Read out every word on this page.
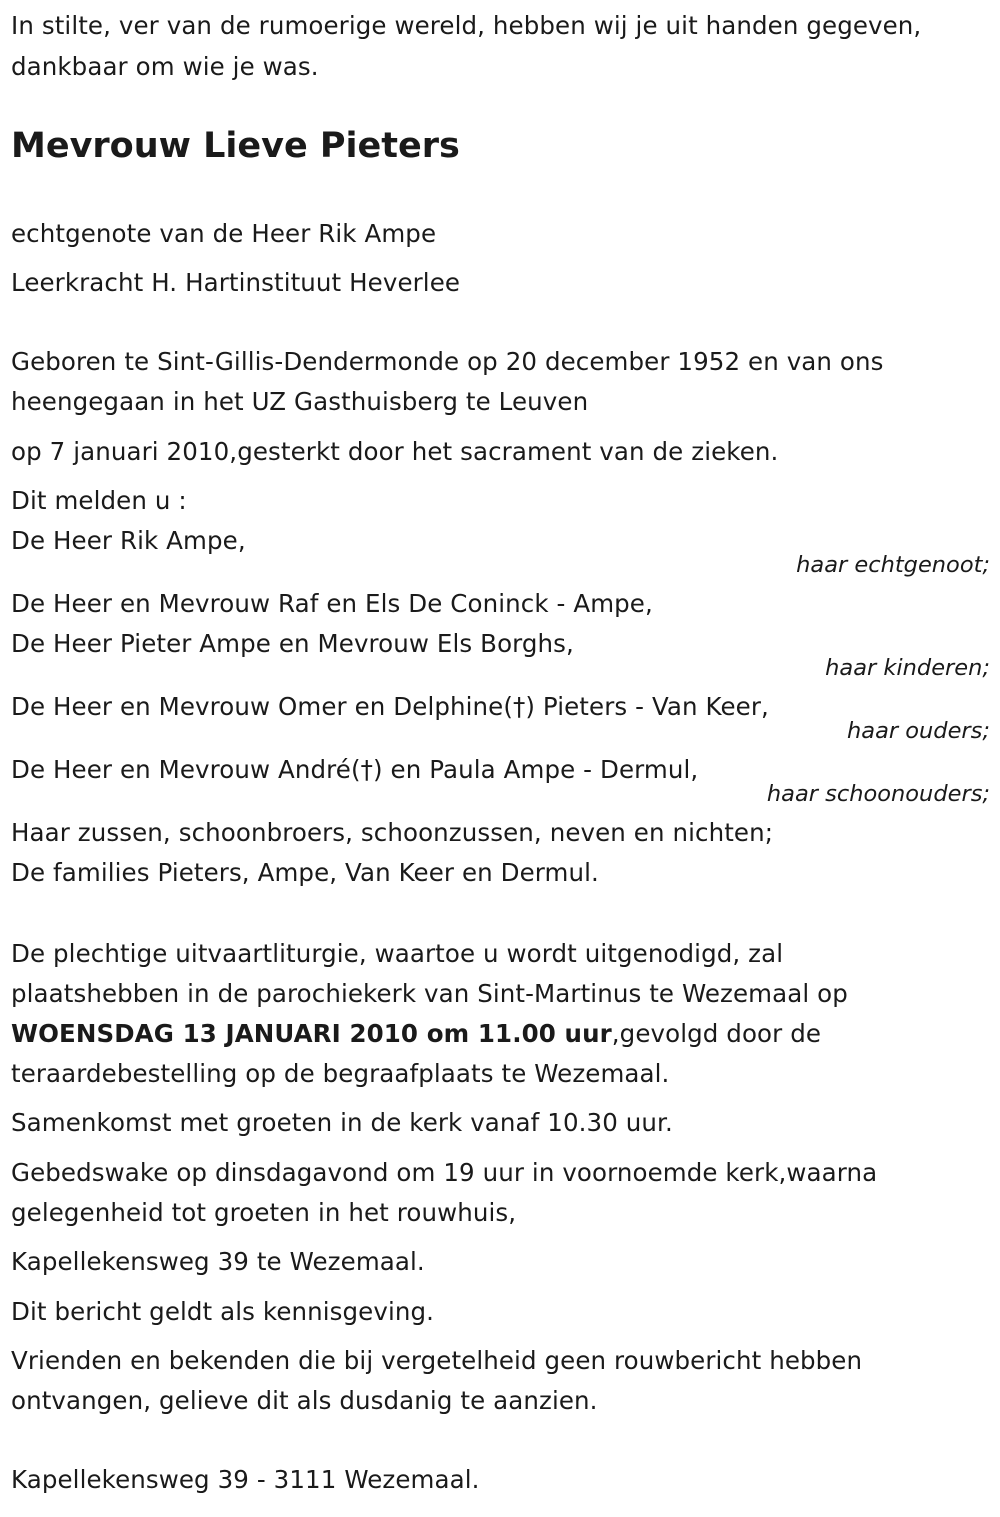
In stilte, ver van de rumoerige wereld, hebben wij je uit handen gegeven,
dankbaar om wie je was.
Mevrouw Lieve Pieters
echtgenote van de Heer Rik Ampe
Leerkracht H. Hartinstituut Heverlee
Geboren te Sint-Gillis-Dendermonde op 20 december 1952 en van ons
heengegaan in het UZ Gasthuisberg te Leuven
op 7 januari 2010,gesterkt door het sacrament van de zieken.
Dit melden u :
De Heer Rik Ampe,
haar echtgenoot;
De Heer en Mevrouw Raf en Els De Coninck - Ampe,
De Heer Pieter Ampe en Mevrouw Els Borghs,
haar kinderen;
De Heer en Mevrouw Omer en Delphine(†) Pieters - Van Keer,
haar ouders;
De Heer en Mevrouw André(†) en Paula Ampe - Dermul,
haar schoonouders;
Haar zussen, schoonbroers, schoonzussen, neven en nichten;
De families Pieters, Ampe, Van Keer en Dermul.
De plechtige uitvaartliturgie, waartoe u wordt uitgenodigd, zal
plaatshebben in de parochiekerk van Sint-Martinus te Wezemaal op
WOENSDAG 13 JANUARI 2010 om 11.00 uur,gevolgd door de
teraardebestelling op de begraafplaats te Wezemaal.
Samenkomst met groeten in de kerk vanaf 10.30 uur.
Gebedswake op dinsdagavond om 19 uur in voornoemde kerk,waarna
gelegenheid tot groeten in het rouwhuis,
Kapellekensweg 39 te Wezemaal.
Dit bericht geldt als kennisgeving.
Vrienden en bekenden die bij vergetelheid geen rouwbericht hebben
ontvangen, gelieve dit als dusdanig te aanzien.
Kapellekensweg 39 - 3111 Wezemaal.
